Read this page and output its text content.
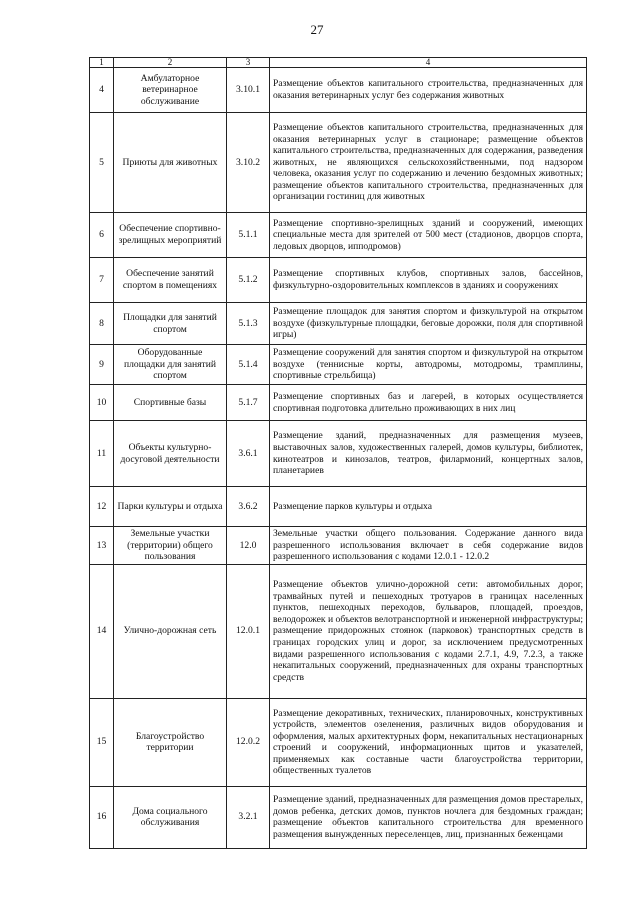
27
1	2	3	4
4	Амбулаторное ветеринарное обслуживание	3.10.1	Размещение объектов капитального строительства, предназначенных для оказания ветеринарных услуг без содержания животных
5	Приюты для животных	3.10.2	Размещение объектов капитального строительства, предназначенных для оказания ветеринарных услуг в стационаре; размещение объектов капитального строительства, предназначенных для содержания, разведения животных, не являющихся сельскохозяйственными, под надзором человека, оказания услуг по содержанию и лечению бездомных животных; размещение объектов капитального строительства, предназначенных для организации гостиниц для животных
6	Обеспечение спортивно-зрелищных мероприятий	5.1.1	Размещение спортивно-зрелищных зданий и сооружений, имеющих специальные места для зрителей от 500 мест (стадионов, дворцов спорта, ледовых дворцов, ипподромов)
7	Обеспечение занятий спортом в помещениях	5.1.2	Размещение спортивных клубов, спортивных залов, бассейнов, физкультурно-оздоровительных комплексов в зданиях и сооружениях
8	Площадки для занятий спортом	5.1.3	Размещение площадок для занятия спортом и физкультурой на открытом воздухе (физкультурные площадки, беговые дорожки, поля для спортивной игры)
9	Оборудованные площадки для занятий спортом	5.1.4	Размещение сооружений для занятия спортом и физкультурой на открытом воздухе (теннисные корты, автодромы, мотодромы, трамплины, спортивные стрельбища)
10	Спортивные базы	5.1.7	Размещение спортивных баз и лагерей, в которых осуществляется спортивная подготовка длительно проживающих в них лиц
11	Объекты культурно-досуговой деятельности	3.6.1	Размещение зданий, предназначенных для размещения музеев, выставочных залов, художественных галерей, домов культуры, библиотек, кинотеатров и кинозалов, театров, филармоний, концертных залов, планетариев
12	Парки культуры и отдыха	3.6.2	Размещение парков культуры и отдыха
13	Земельные участки (территории) общего пользования	12.0	Земельные участки общего пользования. Содержание данного вида разрешенного использования включает в себя содержание видов разрешенного использования с кодами 12.0.1 - 12.0.2
14	Улично-дорожная сеть	12.0.1	Размещение объектов улично-дорожной сети: автомобильных дорог, трамвайных путей и пешеходных тротуаров в границах населенных пунктов, пешеходных переходов, бульваров, площадей, проездов, велодорожек и объектов велотранспортной и инженерной инфраструктуры; размещение придорожных стоянок (парковок) транспортных средств в границах городских улиц и дорог, за исключением предусмотренных видами разрешенного использования с кодами 2.7.1, 4.9, 7.2.3, а также некапитальных сооружений, предназначенных для охраны транспортных средств
15	Благоустройство территории	12.0.2	Размещение декоративных, технических, планировочных, конструктивных устройств, элементов озеленения, различных видов оборудования и оформления, малых архитектурных форм, некапитальных нестационарных строений и сооружений, информационных щитов и указателей, применяемых как составные части благоустройства территории, общественных туалетов
16	Дома социального обслуживания	3.2.1	Размещение зданий, предназначенных для размещения домов престарелых, домов ребенка, детских домов, пунктов ночлега для бездомных граждан; размещение объектов капитального строительства для временного размещения вынужденных переселенцев, лиц, признанных беженцами
